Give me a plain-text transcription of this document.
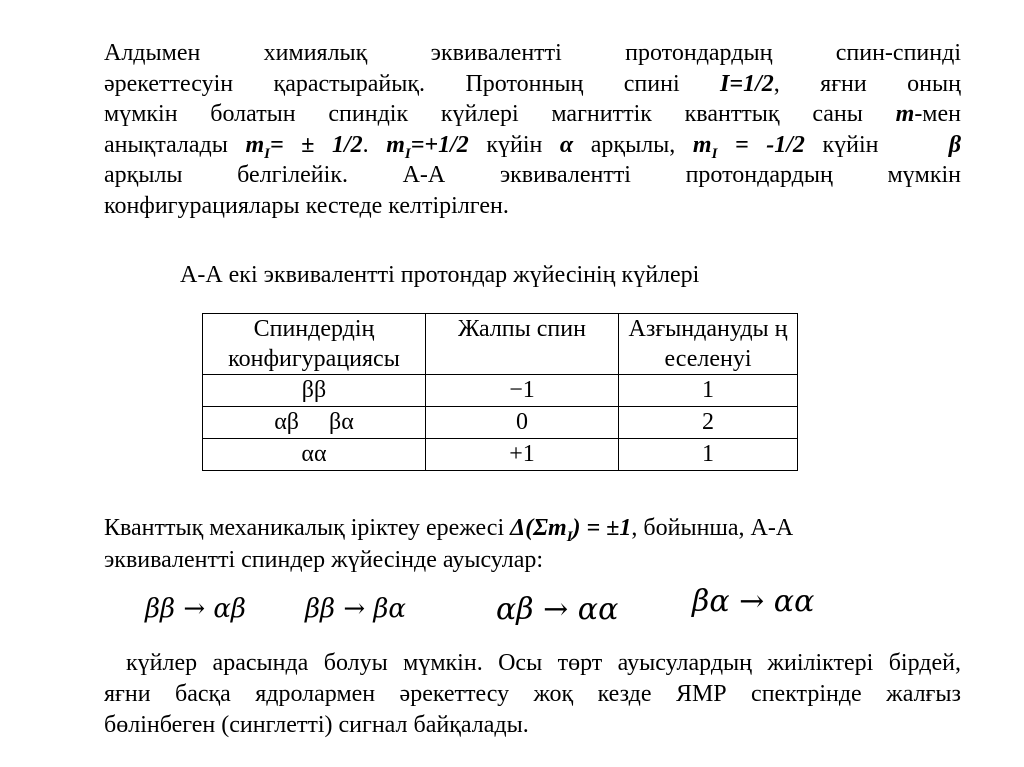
Алдымен химиялық эквивалентті протондардың спин-спинді
әрекеттесуін қарастырайық. Протонның спині I=1/2, яғни оның
мүмкін болатын спиндік күйлері магниттік кванттық саны m-мен
анықталады $m_I= \pm 1/2$. $m_I=+1/2$ күйін α арқылы, $m_I = -1/2$ күйін    β
арқылы белгілейік. А-А эквивалентті протондардың мүмкін
конфигурациялары кестеде келтірілген.
А-А екі эквивалентті протондар жүйесінің күйлері
Спиндердің конфигурациясы	Жалпы спин	Азғындануды ң еселенуі
ββ	−1	1
αβ     βα	0	2
αα	+1	1
Кванттық механикалық іріктеу ережесі $\Delta(\Sigma m_I) = \pm 1$, бойынша, А-А
эквивалентті спиндер жүйесінде ауысулар:
ββ → αβ ββ → βα	αβ → αα βα → αα
күйлер арасында болуы мүмкін. Осы төрт ауысулардың жиіліктері бірдей,
яғни басқа ядролармен әрекеттесу жоқ кезде ЯМР спектрінде жалғыз
бөлінбеген (синглетті) сигнал байқалады.
